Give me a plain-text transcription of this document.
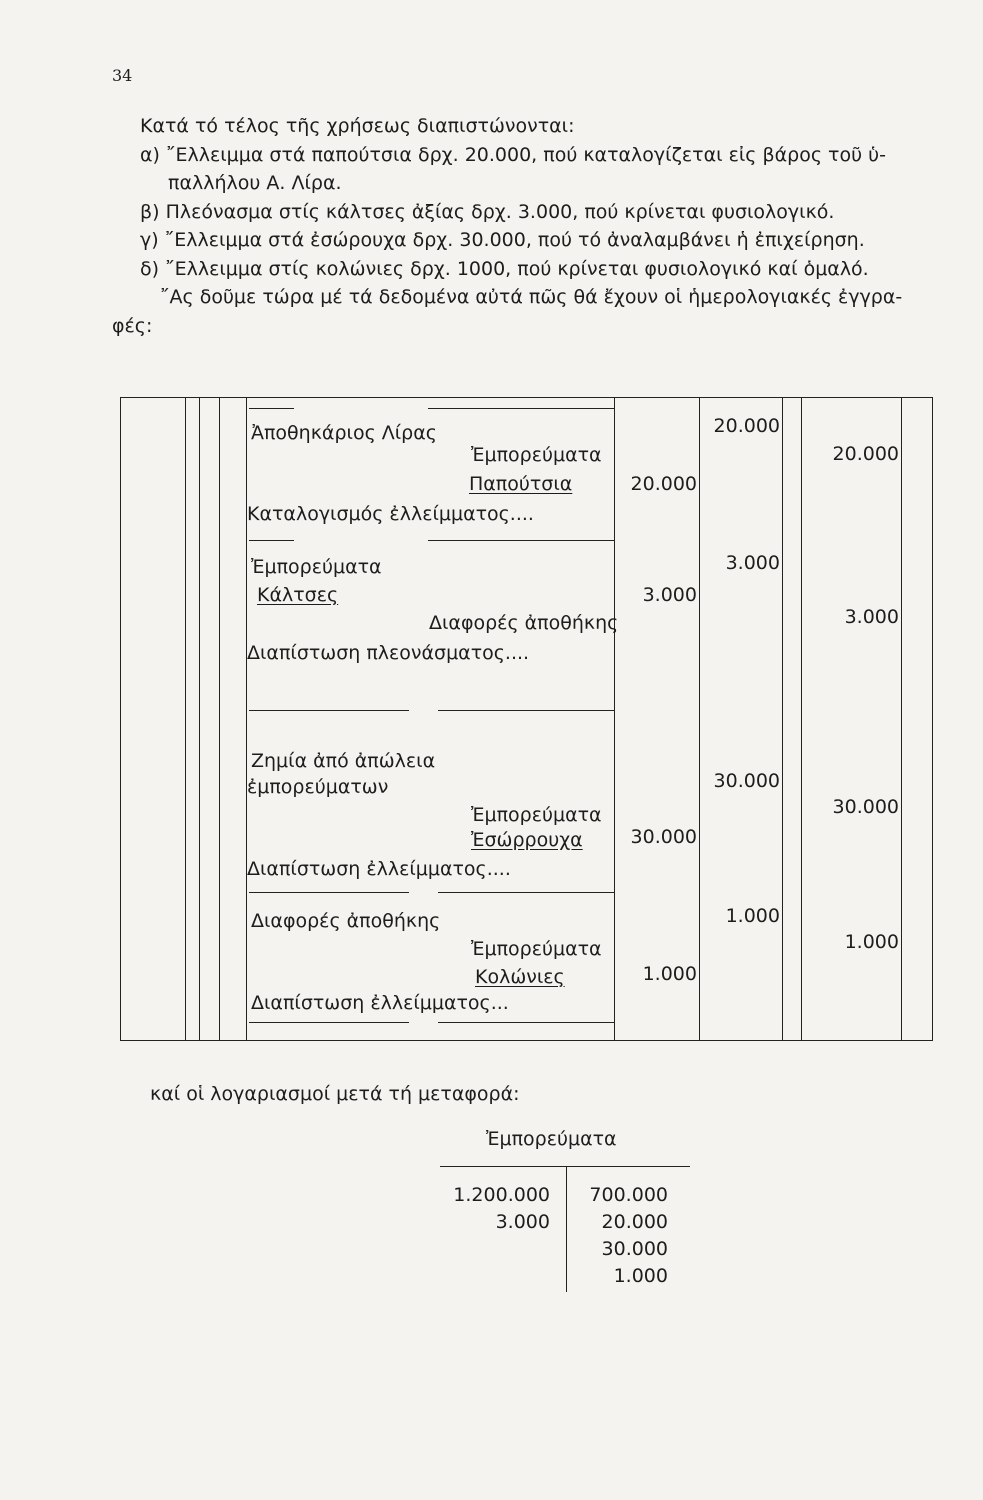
34

Κατά τό τέλος τῆς χρήσεως διαπιστώνονται:

α) ῎Ελλειμμα στά παπούτσια δρχ. 20.000, πού καταλογίζεται εἰς βάρος τοῦ ὑ-

παλλήλου Α. Λίρα.

β) Πλεόνασμα στίς κάλτσες ἀξίας δρχ. 3.000, πού κρίνεται φυσιολογικό.

γ) ῎Ελλειμμα στά ἐσώρουχα δρχ. 30.000, πού τό ἀναλαμβάνει ἡ ἐπιχείρηση.

δ) ῎Ελλειμμα στίς κολώνιες δρχ. 1000, πού κρίνεται φυσιολογικό καί ὁμαλό.

῎Ας δοῦμε τώρα μέ τά δεδομένα αὐτά πῶς θά ἔχουν οἱ ἡμερολογιακές ἐγγρα-

φές:

Ἀποθηκάριος Λίρας
Ἐμπορεύματα
Παπούτσια
Καταλογισμός ἐλλείμματος....
20.000
20.000
20.000
Ἐμπορεύματα
Κάλτσες
Διαφορές ἀποθήκης
Διαπίστωση πλεονάσματος....
3.000
3.000
3.000
Ζημία ἀπό ἀπώλεια
ἐμπορεύματων
Ἐμπορεύματα
Ἐσώρρουχα
Διαπίστωση ἐλλείμματος....
30.000
30.000
30.000
Διαφορές ἀποθήκης
Ἐμπορεύματα
Κολώνιες
Διαπίστωση ἐλλείμματος...
1.000
1.000
1.000
καί οἱ λογαριασμοί μετά τή μεταφορά:
Ἐμπορεύματα
1.200.000
3.000
700.000
20.000
30.000
1.000
